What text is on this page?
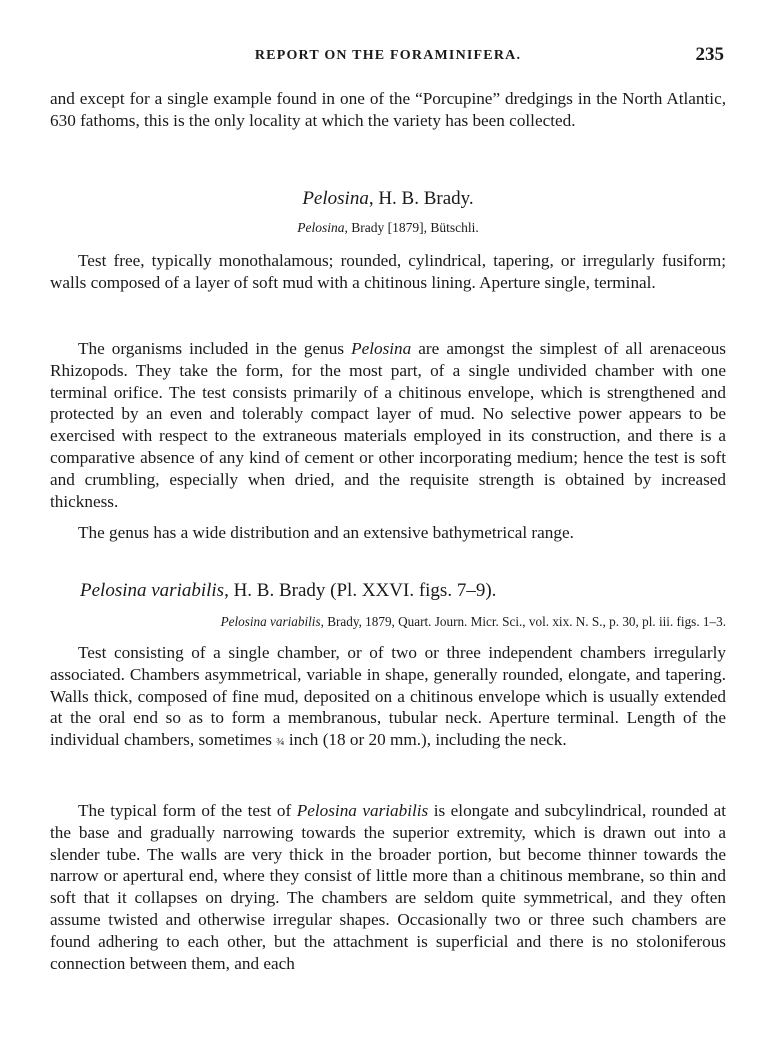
REPORT ON THE FORAMINIFERA.	235

and except for a single example found in one of the “Porcupine” dredgings in the North Atlantic, 630 fathoms, this is the only locality at which the variety has been collected.

Pelosina, H. B. Brady.
Pelosina, Brady [1879], Bütschli.

Test free, typically monothalamous; rounded, cylindrical, tapering, or irregularly fusiform; walls composed of a layer of soft mud with a chitinous lining. Aperture single, terminal.

The organisms included in the genus Pelosina are amongst the simplest of all arenaceous Rhizopods. They take the form, for the most part, of a single undivided chamber with one terminal orifice. The test consists primarily of a chitinous envelope, which is strengthened and protected by an even and tolerably compact layer of mud. No selective power appears to be exercised with respect to the extraneous materials employed in its construction, and there is a comparative absence of any kind of cement or other incorporating medium; hence the test is soft and crumbling, especially when dried, and the requisite strength is obtained by increased thickness.

The genus has a wide distribution and an extensive bathymetrical range.

Pelosina variabilis, H. B. Brady (Pl. XXVI. figs. 7–9).
Pelosina variabilis, Brady, 1879, Quart. Journ. Micr. Sci., vol. xix. N. S., p. 30, pl. iii. figs. 1–3.

Test consisting of a single chamber, or of two or three independent chambers irregularly associated. Chambers asymmetrical, variable in shape, generally rounded, elongate, and tapering. Walls thick, composed of fine mud, deposited on a chitinous envelope which is usually extended at the oral end so as to form a membranous, tubular neck. Aperture terminal. Length of the individual chambers, sometimes ¾ inch (18 or 20 mm.), including the neck.

The typical form of the test of Pelosina variabilis is elongate and subcylindrical, rounded at the base and gradually narrowing towards the superior extremity, which is drawn out into a slender tube. The walls are very thick in the broader portion, but become thinner towards the narrow or apertural end, where they consist of little more than a chitinous membrane, so thin and soft that it collapses on drying. The chambers are seldom quite symmetrical, and they often assume twisted and otherwise irregular shapes. Occasionally two or three such chambers are found adhering to each other, but the attachment is superficial and there is no stoloniferous connection between them, and each
